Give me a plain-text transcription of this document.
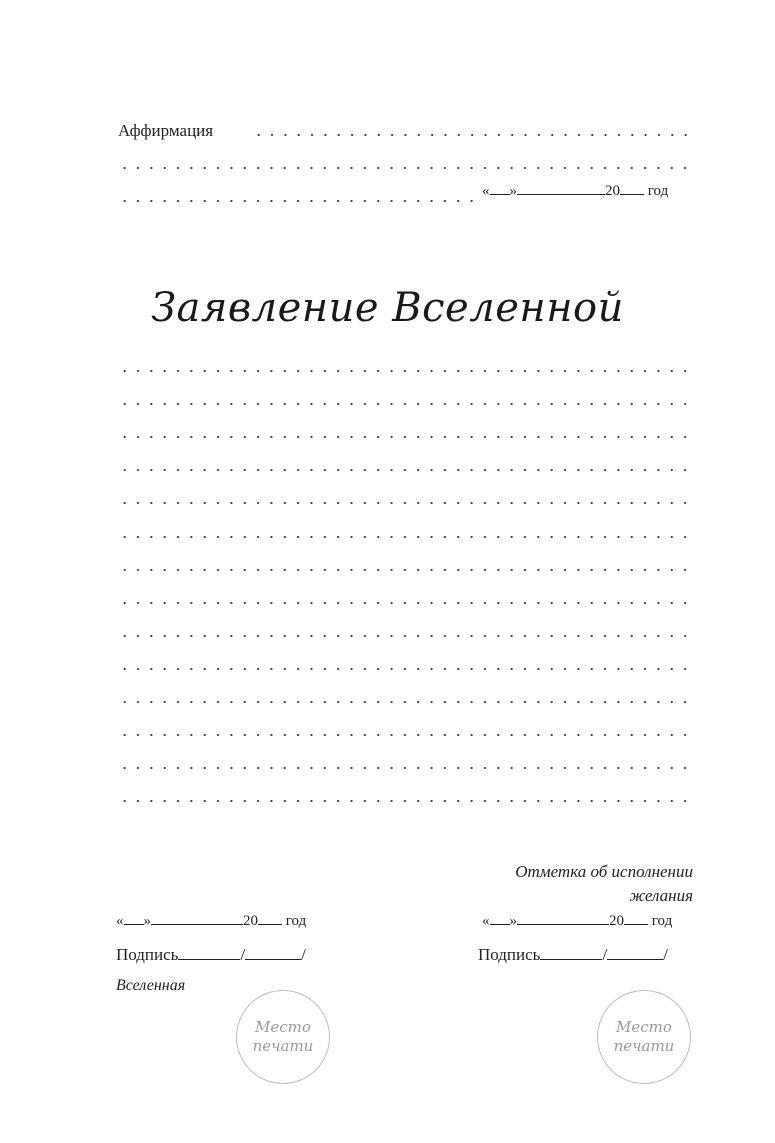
Аффирмация
« »	20 год
Заявление Вселенной
Отметка об исполнении
желания
« »	20 год
Подпись	/	/
Вселенная
Место
печати
« »	20 год
Подпись	/	/
Место
печати
